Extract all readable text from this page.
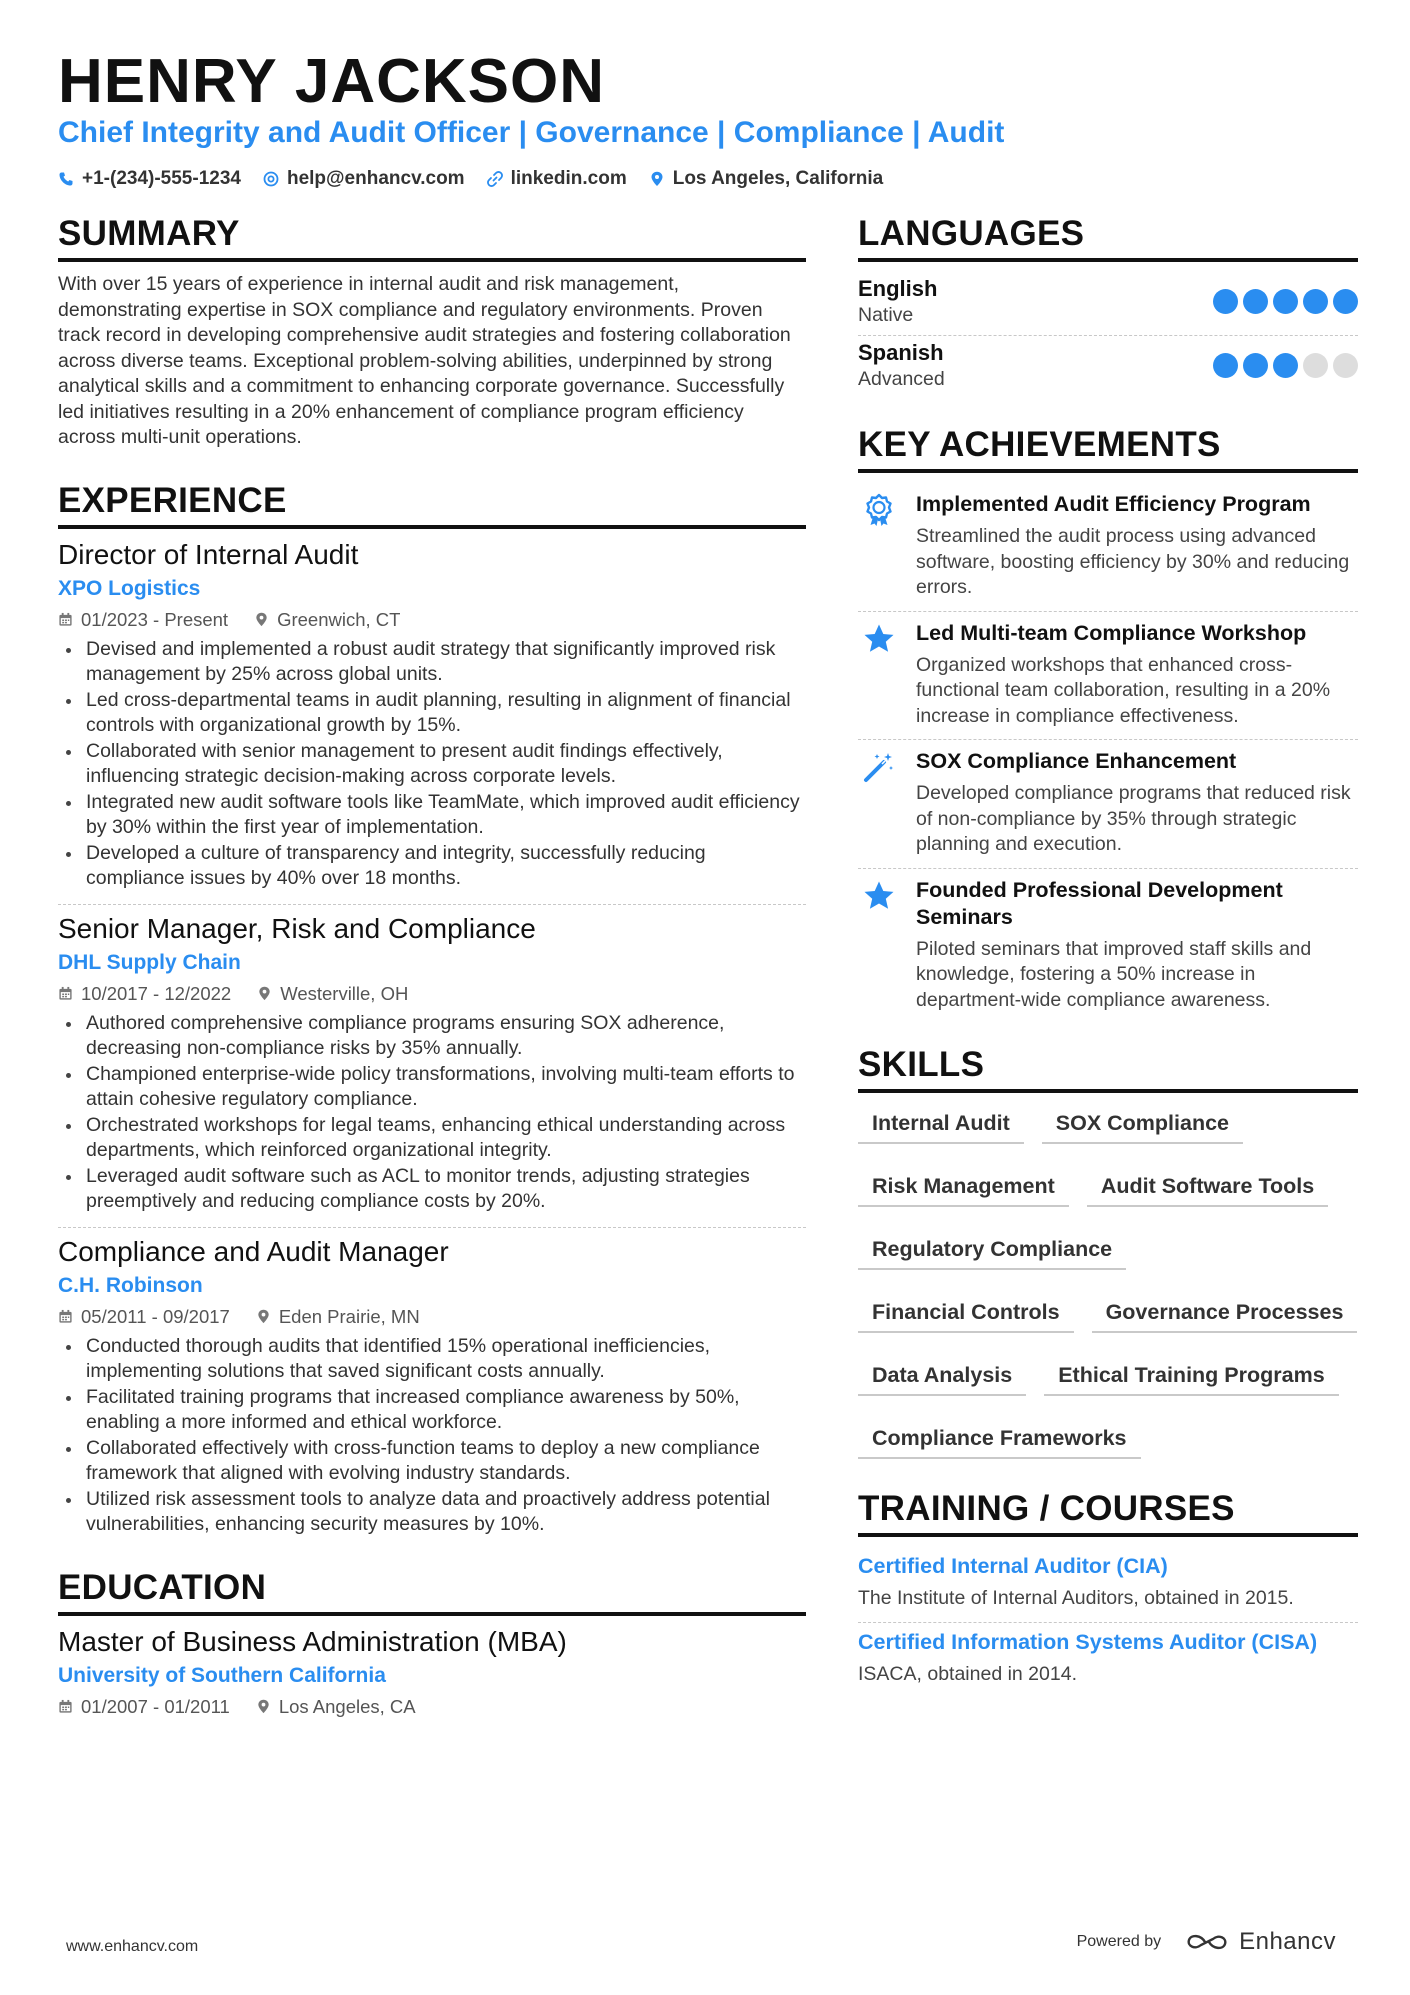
HENRY JACKSON
Chief Integrity and Audit Officer | Governance | Compliance | Audit
+1-(234)-555-1234 help@enhancv.com linkedin.com Los Angeles, California
SUMMARY
With over 15 years of experience in internal audit and risk management, demonstrating expertise in SOX compliance and regulatory environments. Proven track record in developing comprehensive audit strategies and fostering collaboration across diverse teams. Exceptional problem-solving abilities, underpinned by strong analytical skills and a commitment to enhancing corporate governance. Successfully led initiatives resulting in a 20% enhancement of compliance program efficiency across multi-unit operations.
EXPERIENCE
Director of Internal Audit
XPO Logistics
01/2023 - Present	Greenwich, CT
Devised and implemented a robust audit strategy that significantly improved risk management by 25% across global units.
Led cross-departmental teams in audit planning, resulting in alignment of financial controls with organizational growth by 15%.
Collaborated with senior management to present audit findings effectively, influencing strategic decision-making across corporate levels.
Integrated new audit software tools like TeamMate, which improved audit efficiency by 30% within the first year of implementation.
Developed a culture of transparency and integrity, successfully reducing compliance issues by 40% over 18 months.
Senior Manager, Risk and Compliance
DHL Supply Chain
10/2017 - 12/2022	Westerville, OH
Authored comprehensive compliance programs ensuring SOX adherence, decreasing non-compliance risks by 35% annually.
Championed enterprise-wide policy transformations, involving multi-team efforts to attain cohesive regulatory compliance.
Orchestrated workshops for legal teams, enhancing ethical understanding across departments, which reinforced organizational integrity.
Leveraged audit software such as ACL to monitor trends, adjusting strategies preemptively and reducing compliance costs by 20%.
Compliance and Audit Manager
C.H. Robinson
05/2011 - 09/2017	Eden Prairie, MN
Conducted thorough audits that identified 15% operational inefficiencies, implementing solutions that saved significant costs annually.
Facilitated training programs that increased compliance awareness by 50%, enabling a more informed and ethical workforce.
Collaborated effectively with cross-function teams to deploy a new compliance framework that aligned with evolving industry standards.
Utilized risk assessment tools to analyze data and proactively address potential vulnerabilities, enhancing security measures by 10%.
EDUCATION
Master of Business Administration (MBA)
University of Southern California
01/2007 - 01/2011	Los Angeles, CA
LANGUAGES
English
Native
Spanish
Advanced
KEY ACHIEVEMENTS
Implemented Audit Efficiency Program
Streamlined the audit process using advanced software, boosting efficiency by 30% and reducing errors.
Led Multi-team Compliance Workshop
Organized workshops that enhanced cross-functional team collaboration, resulting in a 20% increase in compliance effectiveness.
SOX Compliance Enhancement
Developed compliance programs that reduced risk of non-compliance by 35% through strategic planning and execution.
Founded Professional Development Seminars
Piloted seminars that improved staff skills and knowledge, fostering a 50% increase in department-wide compliance awareness.
SKILLS
Internal Audit	SOX Compliance
Risk Management	Audit Software Tools
Regulatory Compliance
Financial Controls	Governance Processes
Data Analysis	Ethical Training Programs
Compliance Frameworks
TRAINING / COURSES
Certified Internal Auditor (CIA)
The Institute of Internal Auditors, obtained in 2015.
Certified Information Systems Auditor (CISA)
ISACA, obtained in 2014.
www.enhancv.com	Powered by	Enhancv
